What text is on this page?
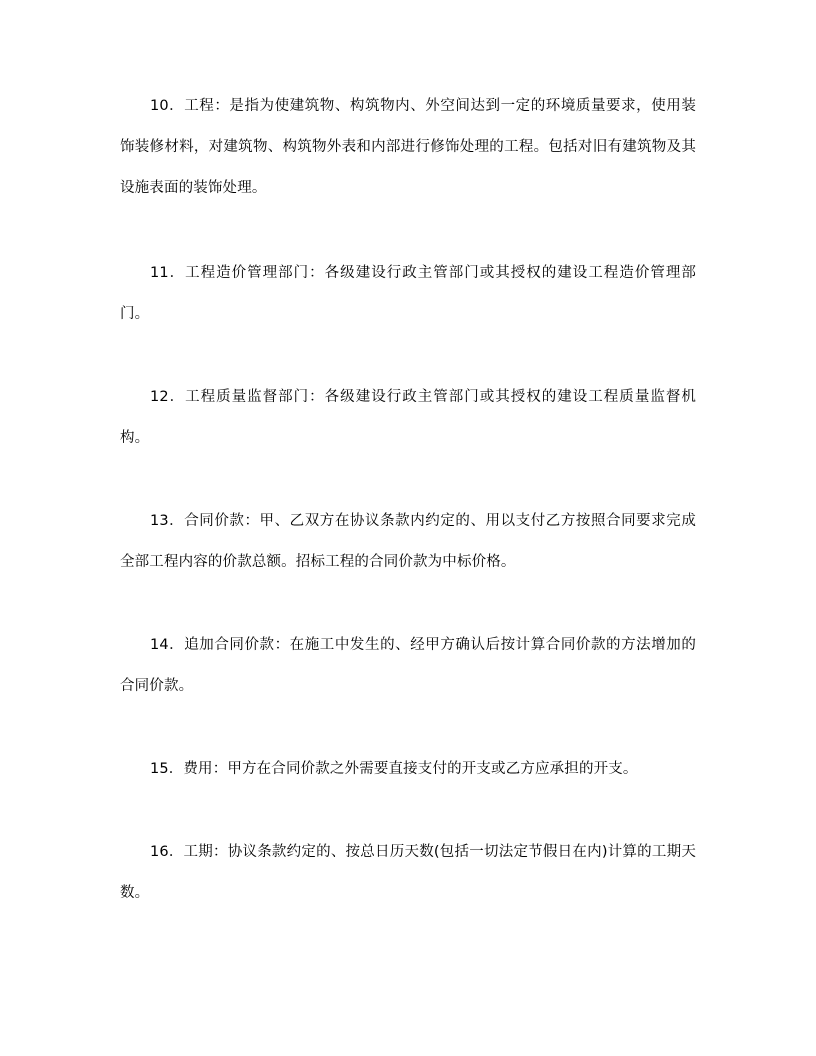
10．工程：是指为使建筑物、构筑物内、外空间达到一定的环境质量要求，使用装饰装修材料，对建筑物、构筑物外表和内部进行修饰处理的工程。包括对旧有建筑物及其设施表面的装饰处理。

11．工程造价管理部门：各级建设行政主管部门或其授权的建设工程造价管理部门。

12．工程质量监督部门：各级建设行政主管部门或其授权的建设工程质量监督机构。

13．合同价款：甲、乙双方在协议条款内约定的、用以支付乙方按照合同要求完成全部工程内容的价款总额。招标工程的合同价款为中标价格。

14．追加合同价款：在施工中发生的、经甲方确认后按计算合同价款的方法增加的合同价款。

15．费用：甲方在合同价款之外需要直接支付的开支或乙方应承担的开支。

16．工期：协议条款约定的、按总日历天数(包括一切法定节假日在内)计算的工期天数。
